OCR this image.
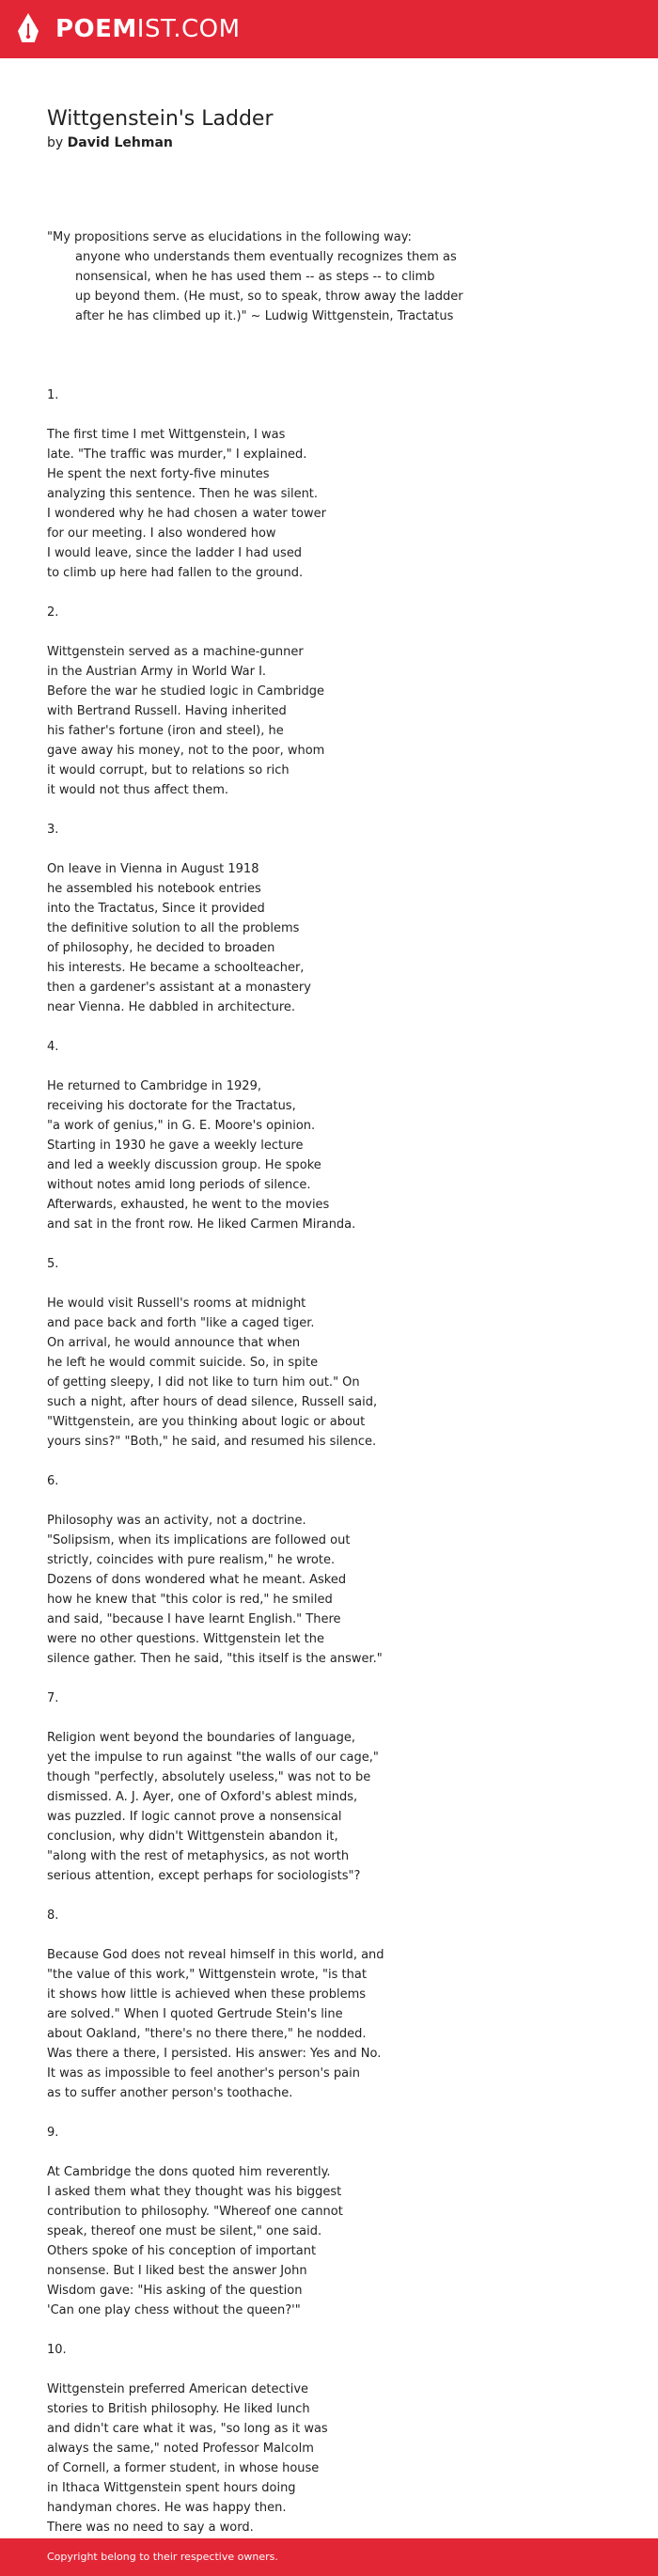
POEMIST.COM
Wittgenstein's Ladder
by David Lehman

"My propositions serve as elucidations in the following way:
anyone who understands them eventually recognizes them as
nonsensical, when he has used them -- as steps -- to climb
up beyond them. (He must, so to speak, throw away the ladder
after he has climbed up it.)" ~ Ludwig Wittgenstein, Tractatus

1.
The first time I met Wittgenstein, I was
late. "The traffic was murder," I explained.
He spent the next forty-five minutes
analyzing this sentence. Then he was silent.
I wondered why he had chosen a water tower
for our meeting. I also wondered how
I would leave, since the ladder I had used
to climb up here had fallen to the ground.
2.
Wittgenstein served as a machine-gunner
in the Austrian Army in World War I.
Before the war he studied logic in Cambridge
with Bertrand Russell. Having inherited
his father's fortune (iron and steel), he
gave away his money, not to the poor, whom
it would corrupt, but to relations so rich
it would not thus affect them.
3.
On leave in Vienna in August 1918
he assembled his notebook entries
into the Tractatus, Since it provided
the definitive solution to all the problems
of philosophy, he decided to broaden
his interests. He became a schoolteacher,
then a gardener's assistant at a monastery
near Vienna. He dabbled in architecture.
4.
He returned to Cambridge in 1929,
receiving his doctorate for the Tractatus,
"a work of genius," in G. E. Moore's opinion.
Starting in 1930 he gave a weekly lecture
and led a weekly discussion group. He spoke
without notes amid long periods of silence.
Afterwards, exhausted, he went to the movies
and sat in the front row. He liked Carmen Miranda.
5.
He would visit Russell's rooms at midnight
and pace back and forth "like a caged tiger.
On arrival, he would announce that when
he left he would commit suicide. So, in spite
of getting sleepy, I did not like to turn him out." On
such a night, after hours of dead silence, Russell said,
"Wittgenstein, are you thinking about logic or about
yours sins?" "Both," he said, and resumed his silence.
6.
Philosophy was an activity, not a doctrine.
"Solipsism, when its implications are followed out
strictly, coincides with pure realism," he wrote.
Dozens of dons wondered what he meant. Asked
how he knew that "this color is red," he smiled
and said, "because I have learnt English." There
were no other questions. Wittgenstein let the
silence gather. Then he said, "this itself is the answer."
7.
Religion went beyond the boundaries of language,
yet the impulse to run against "the walls of our cage,"
though "perfectly, absolutely useless," was not to be
dismissed. A. J. Ayer, one of Oxford's ablest minds,
was puzzled. If logic cannot prove a nonsensical
conclusion, why didn't Wittgenstein abandon it,
"along with the rest of metaphysics, as not worth
serious attention, except perhaps for sociologists"?
8.
Because God does not reveal himself in this world, and
"the value of this work," Wittgenstein wrote, "is that
it shows how little is achieved when these problems
are solved." When I quoted Gertrude Stein's line
about Oakland, "there's no there there," he nodded.
Was there a there, I persisted. His answer: Yes and No.
It was as impossible to feel another's person's pain
as to suffer another person's toothache.
9.
At Cambridge the dons quoted him reverently.
I asked them what they thought was his biggest
contribution to philosophy. "Whereof one cannot
speak, thereof one must be silent," one said.
Others spoke of his conception of important
nonsense. But I liked best the answer John
Wisdom gave: "His asking of the question
'Can one play chess without the queen?'"
10.
Wittgenstein preferred American detective
stories to British philosophy. He liked lunch
and didn't care what it was, "so long as it was
always the same," noted Professor Malcolm
of Cornell, a former student, in whose house
in Ithaca Wittgenstein spent hours doing
handyman chores. He was happy then.
There was no need to say a word.
Copyright belong to their respective owners.
